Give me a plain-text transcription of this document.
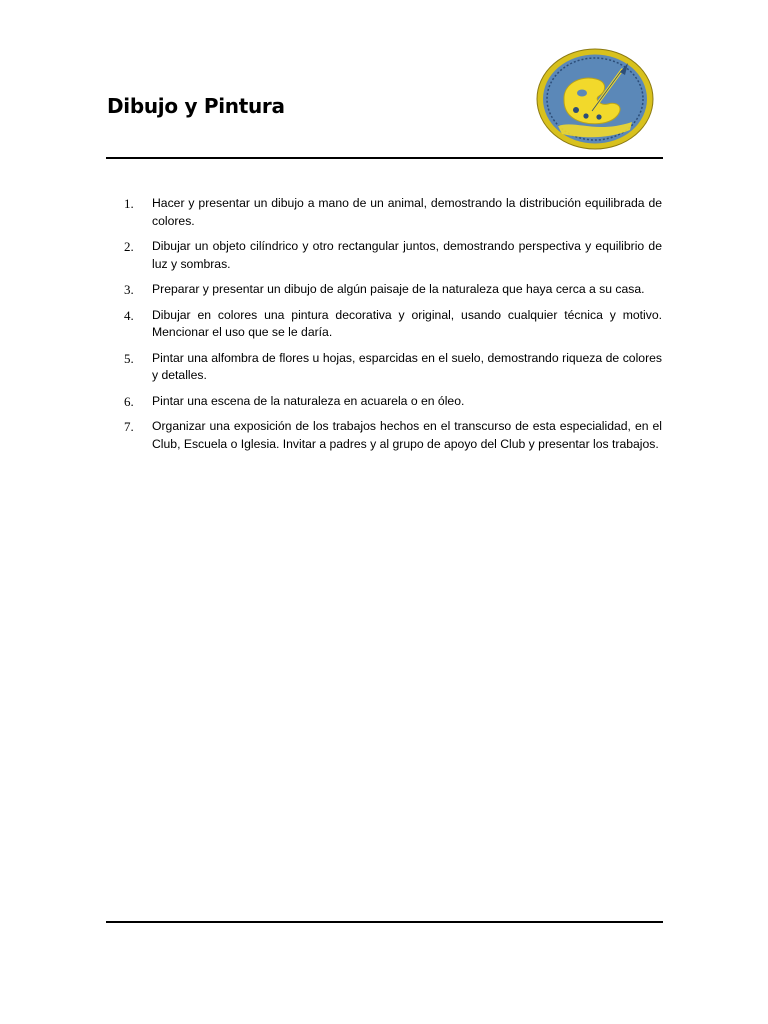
Dibujo y Pintura
1.	Hacer y presentar un dibujo a mano de un animal, demostrando la distribución equilibrada de colores.
2.	Dibujar un objeto cilíndrico y otro rectangular juntos, demostrando perspectiva y equilibrio de luz y sombras.
3.	Preparar y presentar un dibujo de algún paisaje de la naturaleza que haya cerca a su casa.
4.	Dibujar en colores una pintura decorativa y original, usando cualquier técnica y motivo. Mencionar el uso que se le daría.
5.	Pintar una alfombra de flores u hojas, esparcidas en el suelo, demostrando riqueza de colores y detalles.
6.	Pintar una escena de la naturaleza en acuarela o en óleo.
7.	Organizar una exposición de los trabajos hechos en el transcurso de esta especialidad, en el Club, Escuela o Iglesia. Invitar a padres y al grupo de apoyo del Club y presentar los trabajos.
